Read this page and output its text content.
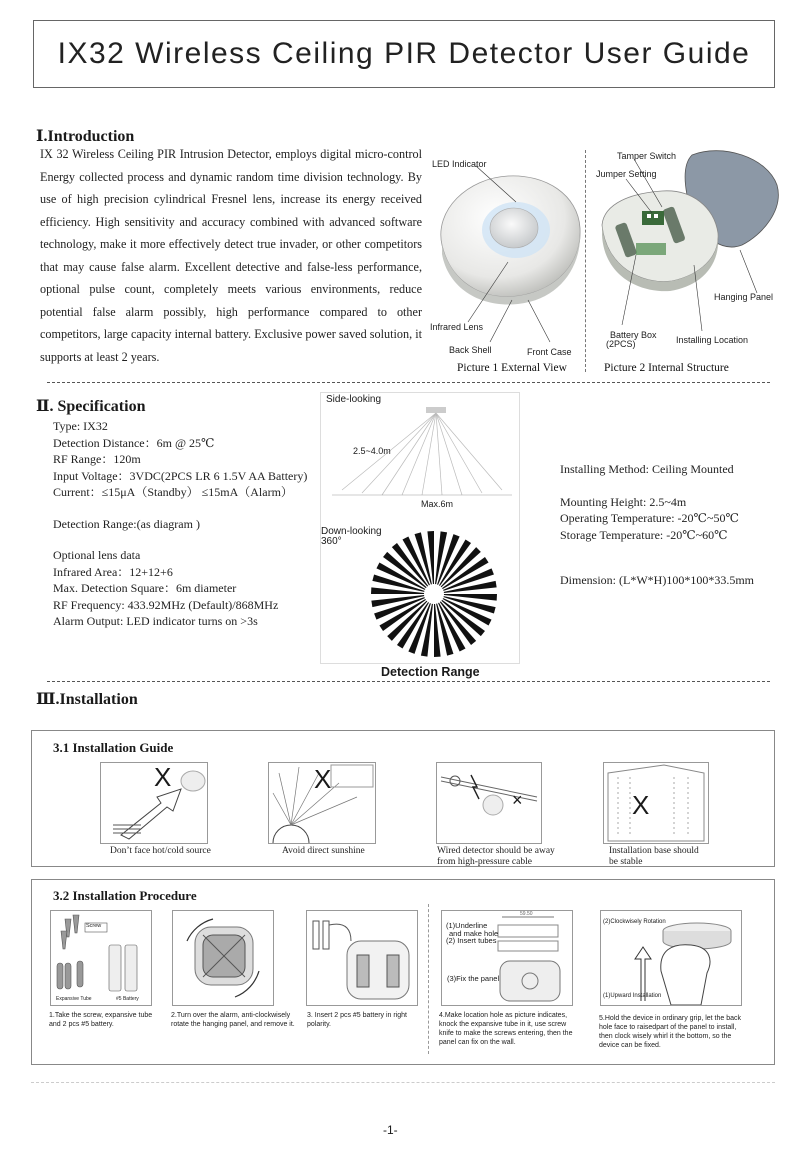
IX32 Wireless Ceiling PIR Detector User Guide
Ⅰ.Introduction

IX 32 Wireless Ceiling PIR Intrusion Detector, employs digital micro-control Energy collected process and dynamic random time division technology. By use of high precision cylindrical Fresnel lens, increase its energy received efficiency. High sensitivity and accuracy combined with advanced software technology, make it more effectively detect true invader, or other competitors that may cause false alarm. Excellent detective and false-less performance, optional pulse count, completely meets various environments, reduce potential false alarm possibly, high performance compared to other competitors, large capacity internal battery. Exclusive power saved solution, it supports at least 2 years.

LED Indicator
Infrared Lens
Back Shell	Front Case
Picture 1 External View
Tamper Switch
Jumper Setting
Hanging Panel
Battery Box
(2PCS)	Installing Location
Picture 2 Internal Structure
Ⅱ. Specification
Type: IX32
Detection Distance：6m @ 25℃
RF Range：120m
Input Voltage：3VDC(2PCS LR 6 1.5V AA Battery)
Current：≤15μA（Standby） ≤15mA（Alarm）
Detection Range:(as diagram )
Optional lens data
Infrared Area：12+12+6
Max. Detection Square：6m diameter
RF Frequency: 433.92MHz (Default)/868MHz
Alarm Output: LED indicator turns on >3s
Side-looking
2.5~4.0m
Max.6m
Down-looking
360°
Detection Range
Installing Method: Ceiling Mounted
Mounting Height: 2.5~4m
Operating Temperature: -20℃~50℃
Storage Temperature: -20℃~60℃
Dimension: (L*W*H)100*100*33.5mm
Ⅲ.Installation
3.1 Installation Guide
X
Don’t face hot/cold source
X
Avoid direct sunshine
×
Wired detector should be away
from high-pressure cable
X
Installation base should
be stable
3.2 Installation Procedure
Screw
Expansive Tube	#5 Battery
1.Take the screw, expansive tube and 2 pcs #5 battery.
2.Turn over the alarm, anti-clockwisely rotate the hanging panel, and remove it.
3. Insert 2 pcs #5 battery in right polarity.
59.50
(1)Underline
and make hole
(2) Insert tubes
(3)Fix the panel
4.Make location hole as picture indicates, knock the expansive tube in it, use screw knife to make the screws entering, then the panel can fix on the wall.
(2)Clockwisely Rotation
(1)Upward Installation
5.Hold the device in ordinary grip, let the back hole face to raisedpart of the panel to install, then clock wisely whirl it the bottom, so the device can be fixed.
-1-
